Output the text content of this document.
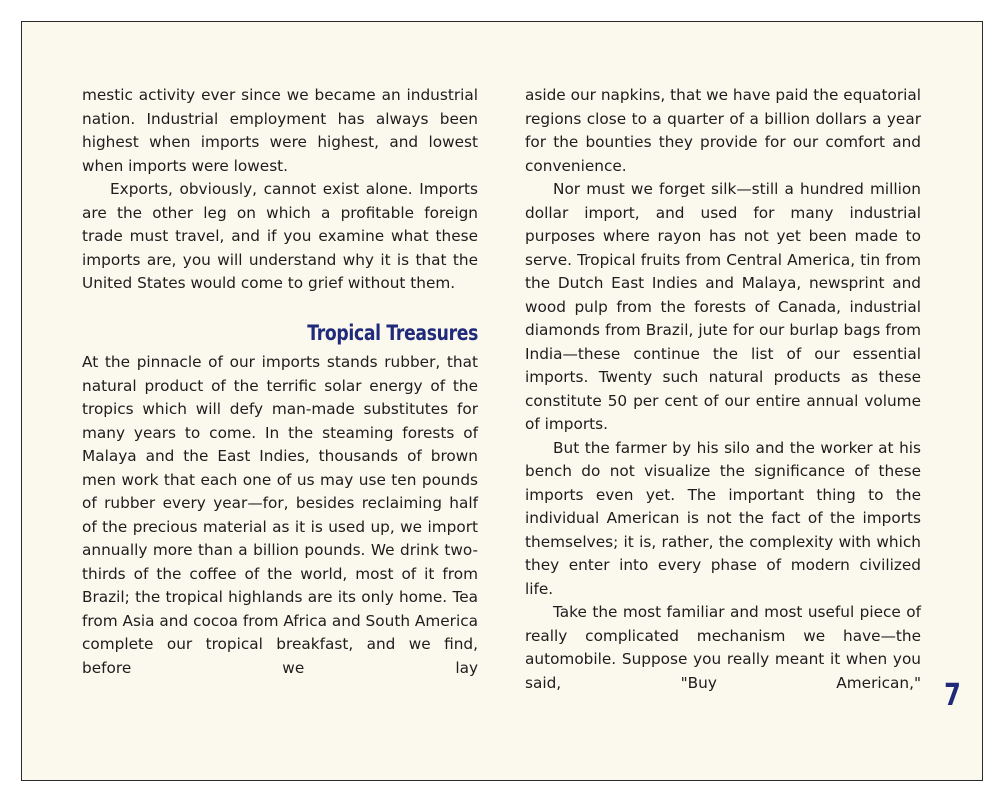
mestic activity ever since we became an industrial nation. Industrial employment has always been highest when imports were highest, and lowest when imports were lowest.

Exports, obviously, cannot exist alone. Imports are the other leg on which a profitable foreign trade must travel, and if you examine what these imports are, you will understand why it is that the United States would come to grief without them.

Tropical Treasures

At the pinnacle of our imports stands rubber, that natural product of the terrific solar energy of the tropics which will defy man-made substitutes for many years to come. In the steaming forests of Malaya and the East Indies, thousands of brown men work that each one of us may use ten pounds of rubber every year—for, besides reclaiming half of the precious material as it is used up, we import annually more than a billion pounds. We drink two-thirds of the coffee of the world, most of it from Brazil; the tropical highlands are its only home. Tea from Asia and cocoa from Africa and South America complete our tropical breakfast, and we find, before we lay

aside our napkins, that we have paid the equatorial regions close to a quarter of a billion dollars a year for the bounties they provide for our comfort and convenience.

Nor must we forget silk—still a hundred million dollar import, and used for many industrial purposes where rayon has not yet been made to serve. Tropical fruits from Central America, tin from the Dutch East Indies and Malaya, newsprint and wood pulp from the forests of Canada, industrial diamonds from Brazil, jute for our burlap bags from India—these continue the list of our essential imports. Twenty such natural products as these constitute 50 per cent of our entire annual volume of imports.

But the farmer by his silo and the worker at his bench do not visualize the significance of these imports even yet. The important thing to the individual American is not the fact of the imports themselves; it is, rather, the complexity with which they enter into every phase of modern civilized life.

Take the most familiar and most useful piece of really complicated mechanism we have—the automobile. Suppose you really meant it when you said, "Buy American," 7
